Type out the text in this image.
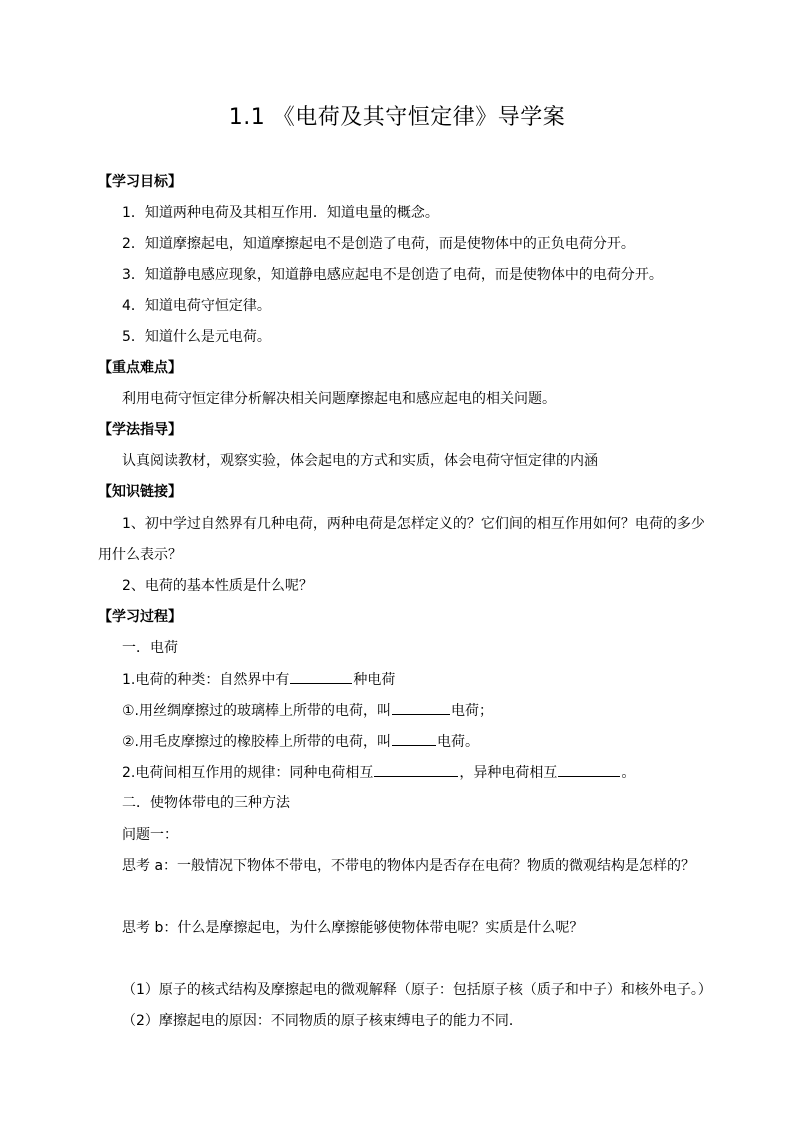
1.1 《电荷及其守恒定律》导学案
【学习目标】
1．知道两种电荷及其相互作用．知道电量的概念。
2．知道摩擦起电，知道摩擦起电不是创造了电荷，而是使物体中的正负电荷分开。
3．知道静电感应现象，知道静电感应起电不是创造了电荷，而是使物体中的电荷分开。
4．知道电荷守恒定律。
5．知道什么是元电荷。
【重点难点】
利用电荷守恒定律分析解决相关问题摩擦起电和感应起电的相关问题。
【学法指导】
认真阅读教材，观察实验，体会起电的方式和实质，体会电荷守恒定律的内涵
【知识链接】
1、初中学过自然界有几种电荷，两种电荷是怎样定义的？它们间的相互作用如何？电荷的多少
用什么表示？
2、电荷的基本性质是什么呢？
【学习过程】
一．电荷
1.电荷的种类：自然界中有	种电荷
①.用丝绸摩擦过的玻璃棒上所带的电荷，叫	电荷；
②.用毛皮摩擦过的橡胶棒上所带的电荷，叫	电荷。
2.电荷间相互作用的规律：同种电荷相互	，异种电荷相互	。
二．使物体带电的三种方法
问题一：
思考 a：一般情况下物体不带电，不带电的物体内是否存在电荷？物质的微观结构是怎样的？
思考 b：什么是摩擦起电，为什么摩擦能够使物体带电呢？实质是什么呢？
（1）原子的核式结构及摩擦起电的微观解释（原子：包括原子核（质子和中子）和核外电子。）
（2）摩擦起电的原因：不同物质的原子核束缚电子的能力不同．
